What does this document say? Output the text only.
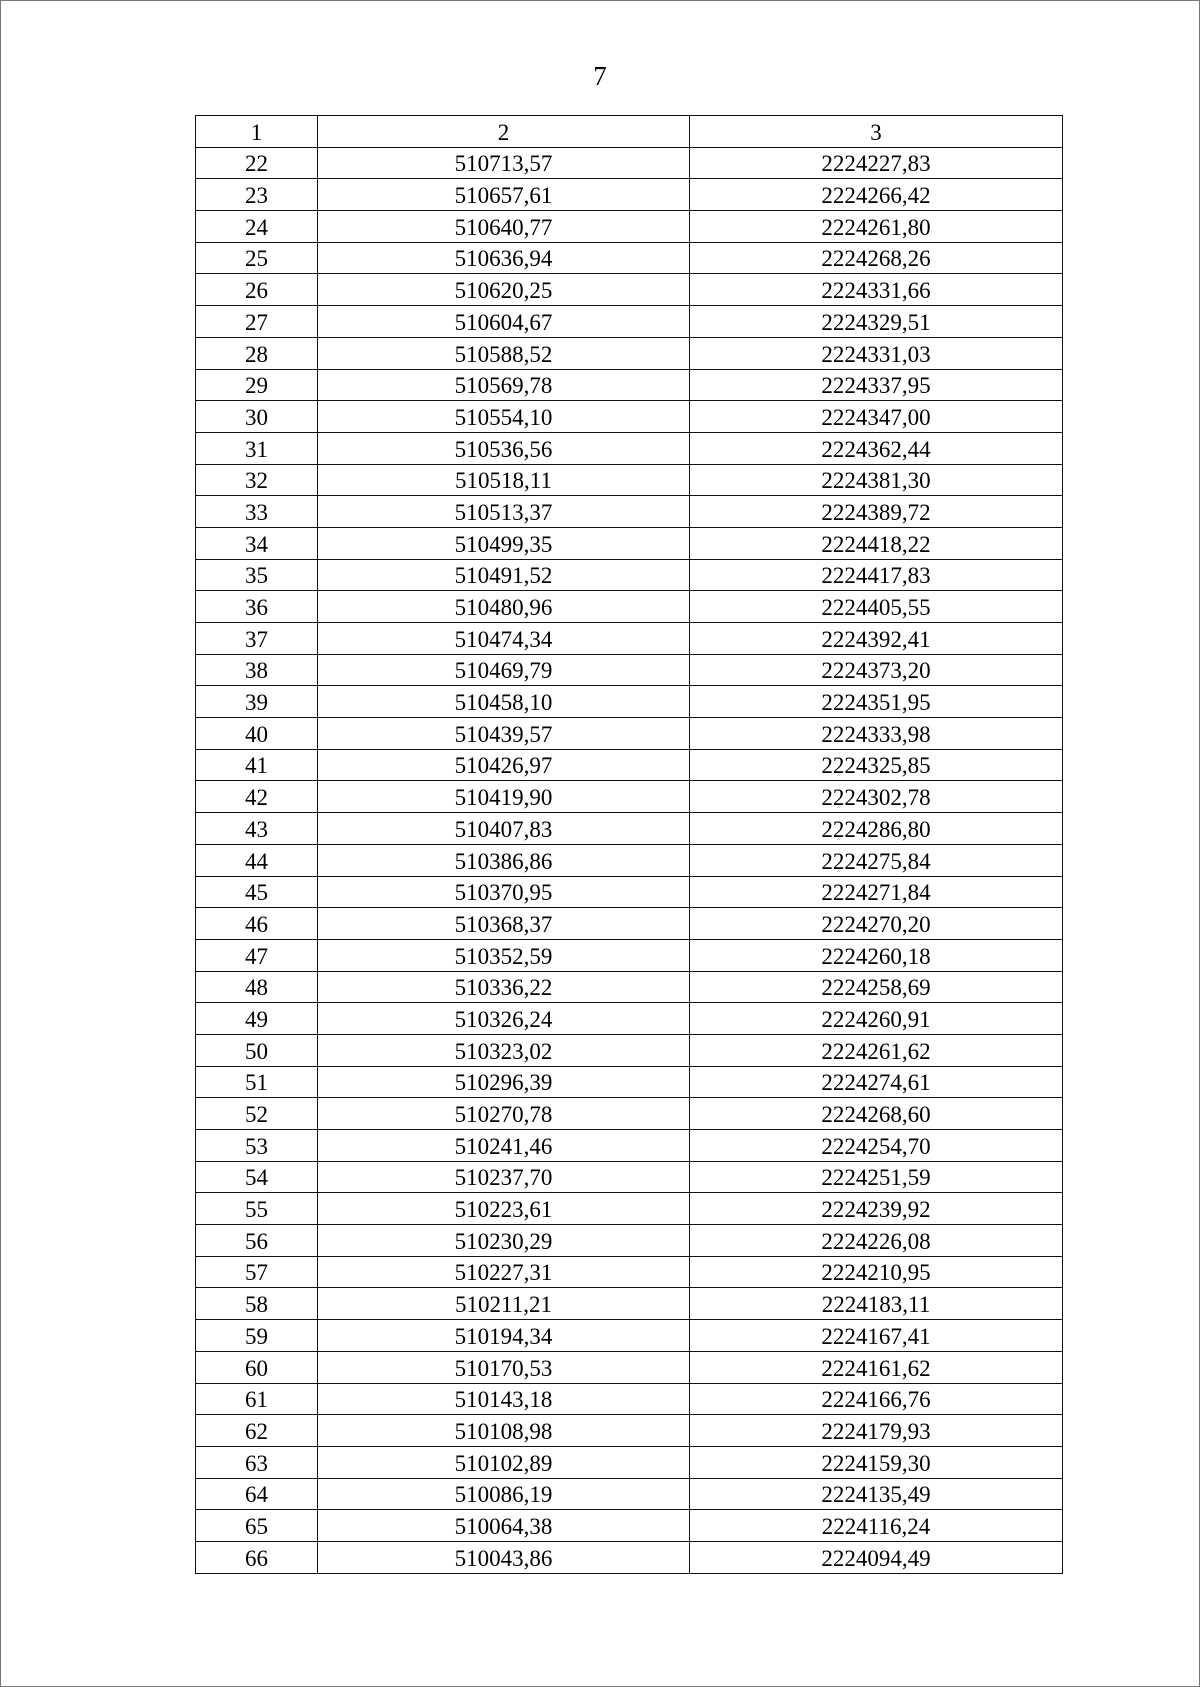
7
1	2	3
22	510713,57	2224227,83
23	510657,61	2224266,42
24	510640,77	2224261,80
25	510636,94	2224268,26
26	510620,25	2224331,66
27	510604,67	2224329,51
28	510588,52	2224331,03
29	510569,78	2224337,95
30	510554,10	2224347,00
31	510536,56	2224362,44
32	510518,11	2224381,30
33	510513,37	2224389,72
34	510499,35	2224418,22
35	510491,52	2224417,83
36	510480,96	2224405,55
37	510474,34	2224392,41
38	510469,79	2224373,20
39	510458,10	2224351,95
40	510439,57	2224333,98
41	510426,97	2224325,85
42	510419,90	2224302,78
43	510407,83	2224286,80
44	510386,86	2224275,84
45	510370,95	2224271,84
46	510368,37	2224270,20
47	510352,59	2224260,18
48	510336,22	2224258,69
49	510326,24	2224260,91
50	510323,02	2224261,62
51	510296,39	2224274,61
52	510270,78	2224268,60
53	510241,46	2224254,70
54	510237,70	2224251,59
55	510223,61	2224239,92
56	510230,29	2224226,08
57	510227,31	2224210,95
58	510211,21	2224183,11
59	510194,34	2224167,41
60	510170,53	2224161,62
61	510143,18	2224166,76
62	510108,98	2224179,93
63	510102,89	2224159,30
64	510086,19	2224135,49
65	510064,38	2224116,24
66	510043,86	2224094,49
